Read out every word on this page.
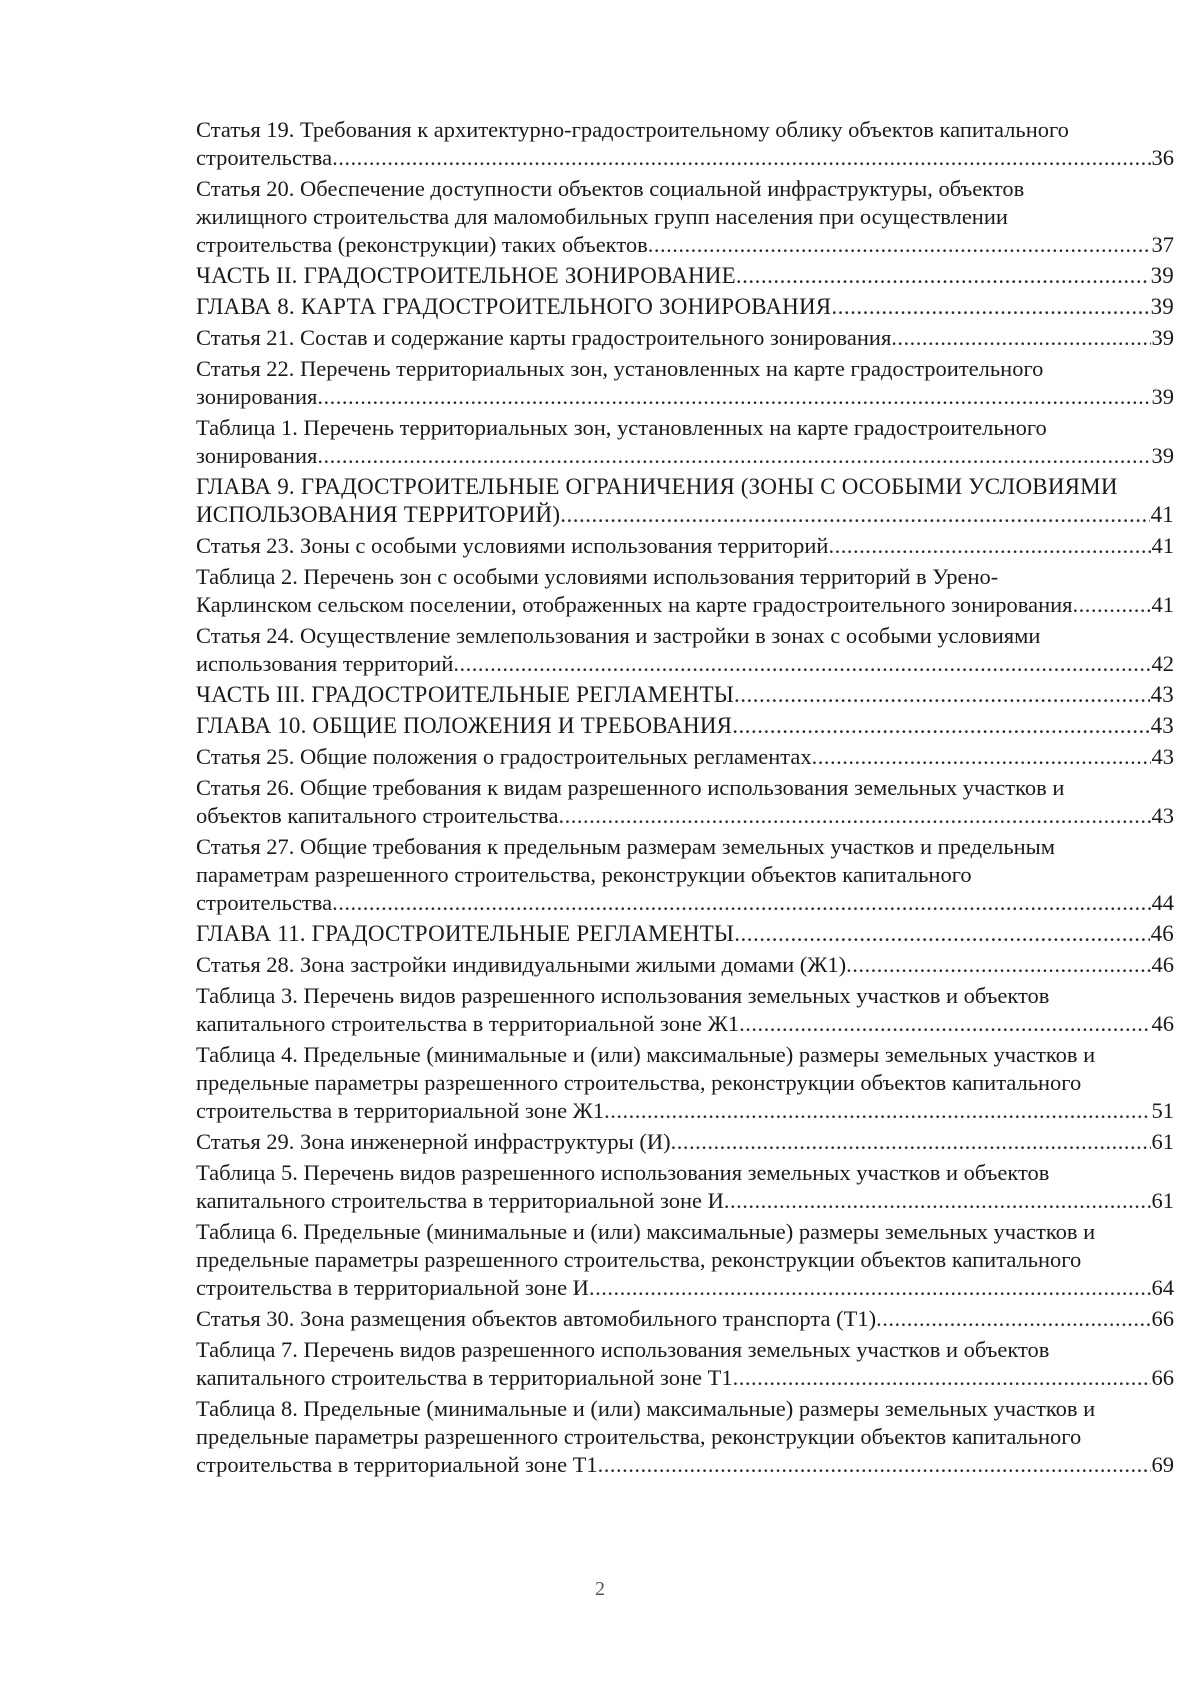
Статья 19. Требования к архитектурно-градостроительному облику объектов капитального
строительства .....	36
Статья 20. Обеспечение доступности объектов социальной инфраструктуры, объектов
жилищного строительства для маломобильных групп населения при осуществлении
строительства (реконструкции) таких объектов .....	37
ЧАСТЬ II. ГРАДОСТРОИТЕЛЬНОЕ ЗОНИРОВАНИЕ .....	39
ГЛАВА 8. КАРТА ГРАДОСТРОИТЕЛЬНОГО ЗОНИРОВАНИЯ .....	39
Статья 21. Состав и содержание карты градостроительного зонирования .....	39
Статья 22. Перечень территориальных зон, установленных на карте градостроительного
зонирования .....	39
Таблица 1. Перечень территориальных зон, установленных на карте градостроительного
зонирования .....	39
ГЛАВА 9. ГРАДОСТРОИТЕЛЬНЫЕ ОГРАНИЧЕНИЯ (ЗОНЫ С ОСОБЫМИ УСЛОВИЯМИ
ИСПОЛЬЗОВАНИЯ ТЕРРИТОРИЙ) .....	41
Статья 23. Зоны с особыми условиями использования территорий .....	41
Таблица 2. Перечень зон с особыми условиями использования территорий в Урено-
Карлинском сельском поселении, отображенных на карте градостроительного зонирования .....	41
Статья 24. Осуществление землепользования и застройки в зонах с особыми условиями
использования территорий .....	42
ЧАСТЬ III. ГРАДОСТРОИТЕЛЬНЫЕ РЕГЛАМЕНТЫ .....	43
ГЛАВА 10. ОБЩИЕ ПОЛОЖЕНИЯ И ТРЕБОВАНИЯ .....	43
Статья 25. Общие положения о градостроительных регламентах .....	43
Статья 26. Общие требования к видам разрешенного использования земельных участков и
объектов капитального строительства .....	43
Статья 27. Общие требования к предельным размерам земельных участков и предельным
параметрам разрешенного строительства, реконструкции объектов капитального
строительства .....	44
ГЛАВА 11. ГРАДОСТРОИТЕЛЬНЫЕ РЕГЛАМЕНТЫ .....	46
Статья 28. Зона застройки индивидуальными жилыми домами (Ж1) .....	46
Таблица 3. Перечень видов разрешенного использования земельных участков и объектов
капитального строительства в территориальной зоне Ж1 .....	46
Таблица 4. Предельные (минимальные и (или) максимальные) размеры земельных участков и
предельные параметры разрешенного строительства, реконструкции объектов капитального
строительства в территориальной зоне Ж1 .....	51
Статья 29. Зона инженерной инфраструктуры (И) .....	61
Таблица 5. Перечень видов разрешенного использования земельных участков и объектов
капитального строительства в территориальной зоне И .....	61
Таблица 6. Предельные (минимальные и (или) максимальные) размеры земельных участков и
предельные параметры разрешенного строительства, реконструкции объектов капитального
строительства в территориальной зоне И .....	64
Статья 30. Зона размещения объектов автомобильного транспорта (Т1) .....	66
Таблица 7. Перечень видов разрешенного использования земельных участков и объектов
капитального строительства в территориальной зоне Т1 .....	66
Таблица 8. Предельные (минимальные и (или) максимальные) размеры земельных участков и
предельные параметры разрешенного строительства, реконструкции объектов капитального
строительства в территориальной зоне Т1 .....	69
2
